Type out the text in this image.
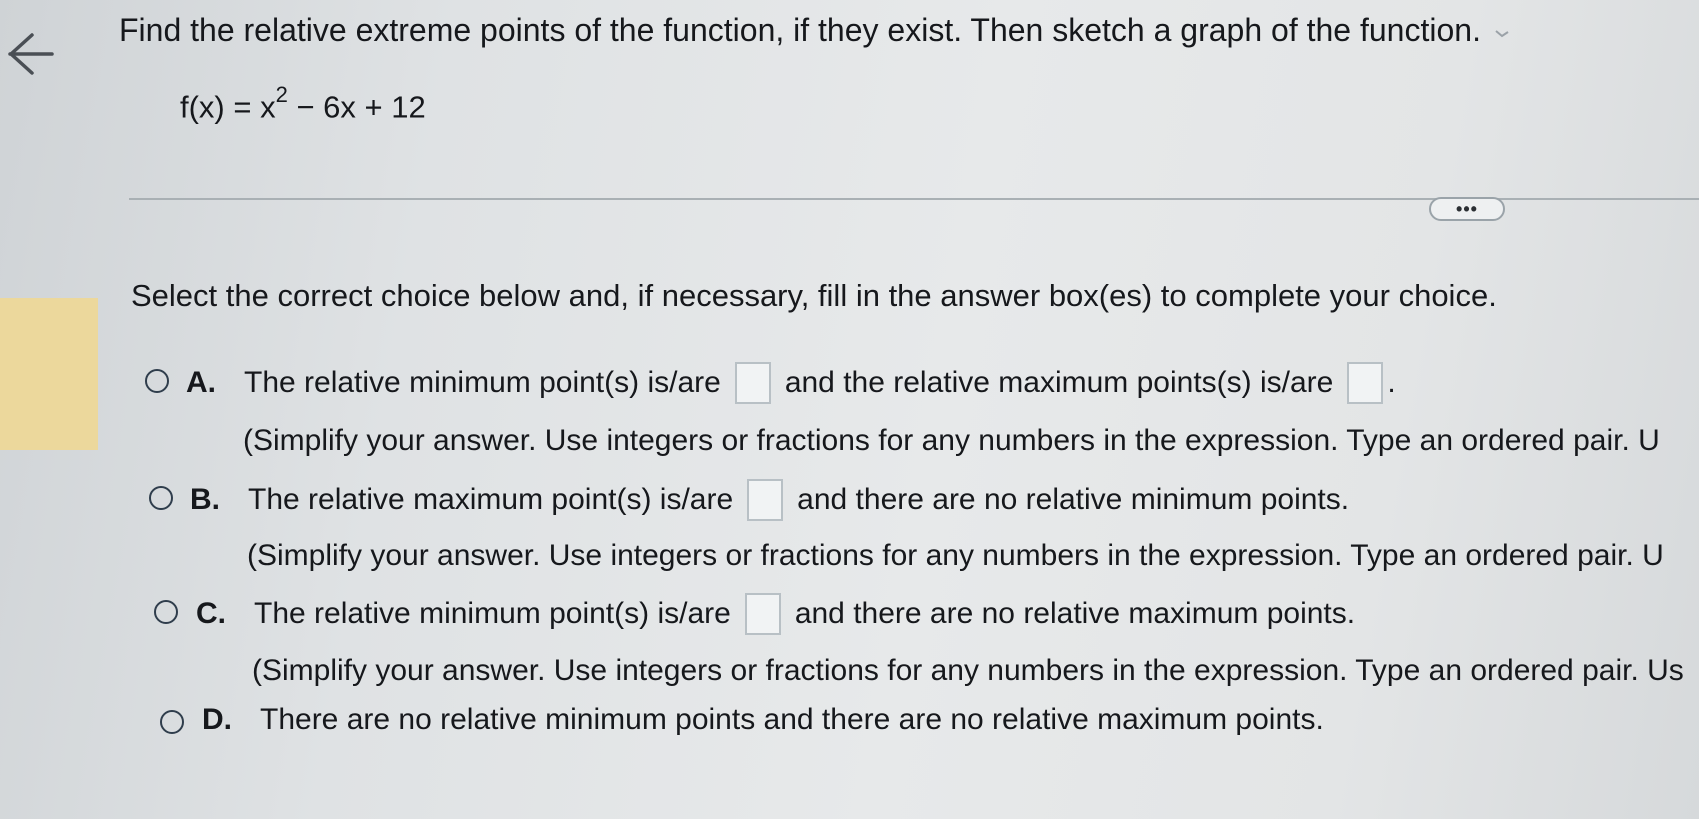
Find the relative extreme points of the function, if they exist. Then sketch a graph of the function.
$f(x) = x^2 - 6x + 12$
•••
Select the correct choice below and, if necessary, fill in the answer box(es) to complete your choice.
A. The relative minimum point(s) is/are and the relative maximum points(s) is/are .
(Simplify your answer. Use integers or fractions for any numbers in the expression. Type an ordered pair. U
B. The relative maximum point(s) is/are and there are no relative minimum points.
(Simplify your answer. Use integers or fractions for any numbers in the expression. Type an ordered pair. U
C. The relative minimum point(s) is/are and there are no relative maximum points.
(Simplify your answer. Use integers or fractions for any numbers in the expression. Type an ordered pair. Us
D. There are no relative minimum points and there are no relative maximum points.
